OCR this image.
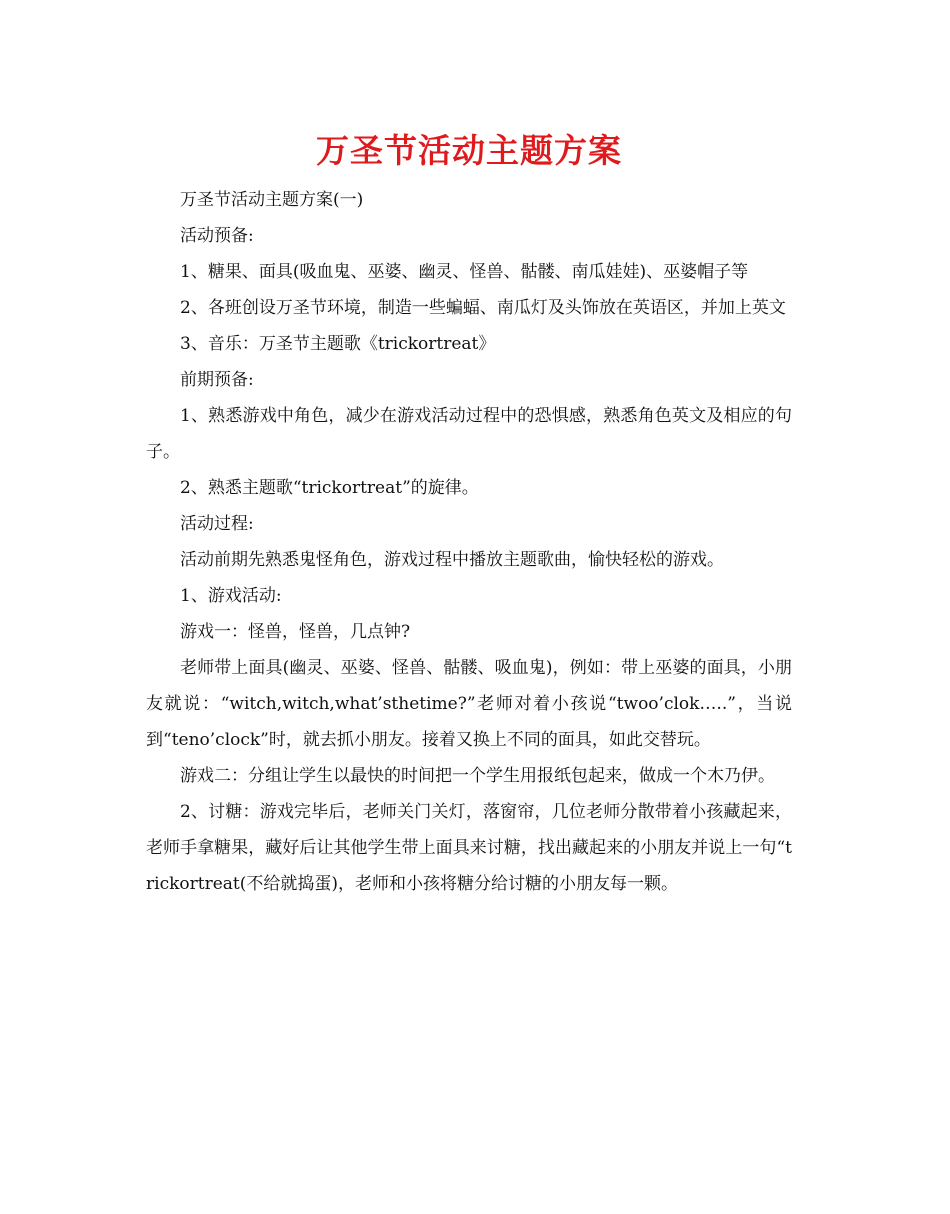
万圣节活动主题方案

万圣节活动主题方案(一)

活动预备:

1、糖果、面具(吸血鬼、巫婆、幽灵、怪兽、骷髅、南瓜娃娃)、巫婆帽子等

2、各班创设万圣节环境，制造一些蝙蝠、南瓜灯及头饰放在英语区，并加上英文

3、音乐：万圣节主题歌《trickortreat》

前期预备:

1、熟悉游戏中角色，减少在游戏活动过程中的恐惧感，熟悉角色英文及相应的句子。

2、熟悉主题歌“trickortreat”的旋律。

活动过程:

活动前期先熟悉鬼怪角色，游戏过程中播放主题歌曲，愉快轻松的游戏。

1、游戏活动:

游戏一：怪兽，怪兽，几点钟?

老师带上面具(幽灵、巫婆、怪兽、骷髅、吸血鬼)，例如：带上巫婆的面具，小朋友就说：“witch,witch,what’sthetime?”老师对着小孩说“twoo’clok…..”，当说到“teno’clock”时，就去抓小朋友。接着又换上不同的面具，如此交替玩。

游戏二：分组让学生以最快的时间把一个学生用报纸包起来，做成一个木乃伊。

2、讨糖：游戏完毕后，老师关门关灯，落窗帘，几位老师分散带着小孩藏起来，老师手拿糖果，藏好后让其他学生带上面具来讨糖，找出藏起来的小朋友并说上一句“trickortreat(不给就捣蛋)，老师和小孩将糖分给讨糖的小朋友每一颗。
